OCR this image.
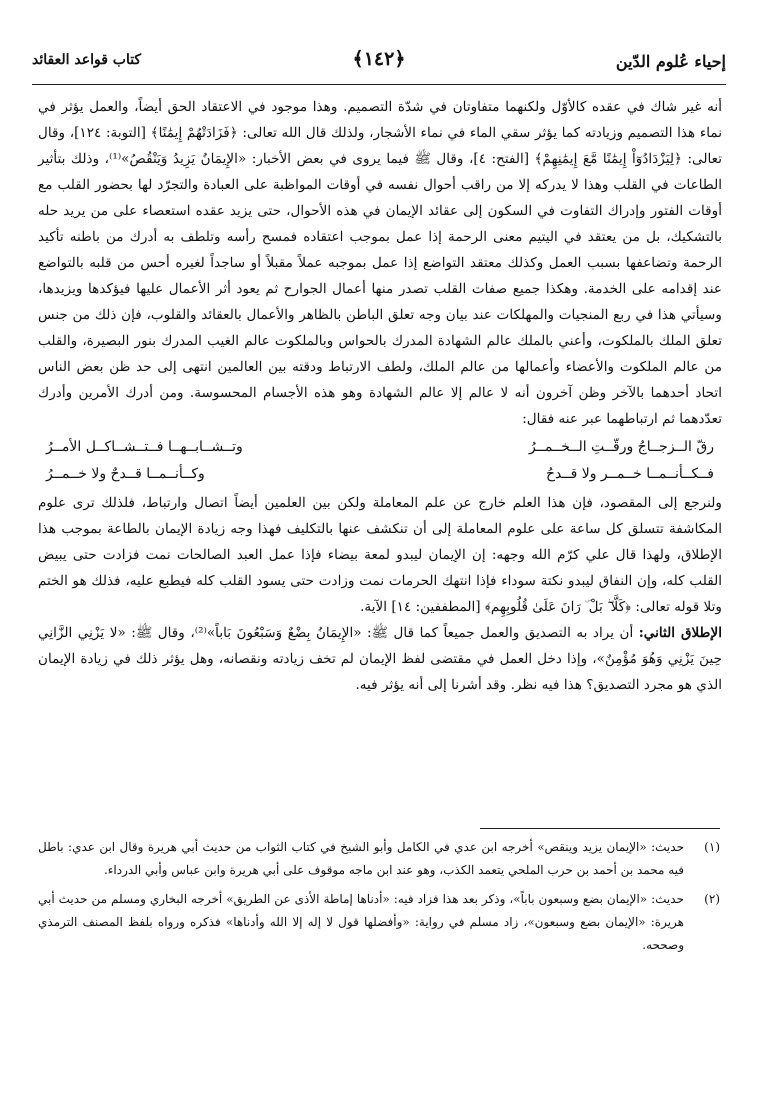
إحياء عُلوم الدّين
﴿١٤٢﴾
كتاب قواعد العقائد

أنه غير شاك في عقده كالأوّل ولكنهما متفاوتان في شدّة التصميم. وهذا موجود في الاعتقاد الحق أيضاً، والعمل يؤثر في نماء هذا التصميم وزيادته كما يؤثر سقي الماء في نماء الأشجار، ولذلك قال الله تعالى: ﴿فَزَادَتْهُمْ إِيمَٰنًا﴾ [التوبة: ١٢٤]، وقال تعالى: ﴿لِيَزْدَادُوٓاْ إِيمَٰنًا مَّعَ إِيمَٰنِهِمْ﴾ [الفتح: ٤]، وقال ﷺ فيما يروى في بعض الأخبار: «الإِيمَانُ يَزِيدُ وَيَنْقُصُ»⁽¹⁾، وذلك بتأثير الطاعات في القلب وهذا لا يدركه إلا من راقب أحوال نفسه في أوقات المواظبة على العبادة والتجرّد لها بحضور القلب مع أوقات الفتور وإدراك التفاوت في السكون إلى عقائد الإيمان في هذه الأحوال، حتى يزيد عقده استعصاء على من يريد حله بالتشكيك، بل من يعتقد في اليتيم معنى الرحمة إذا عمل بموجب اعتقاده فمسح رأسه وتلطف به أدرك من باطنه تأكيد الرحمة وتضاعفها بسبب العمل وكذلك معتقد التواضع إذا عمل بموجبه عملاً مقبلاً أو ساجداً لغيره أحس من قلبه بالتواضع عند إقدامه على الخدمة. وهكذا جميع صفات القلب تصدر منها أعمال الجوارح ثم يعود أثر الأعمال عليها فيؤكدها ويزيدها، وسيأتي هذا في ربع المنجيات والمهلكات عند بيان وجه تعلق الباطن بالظاهر والأعمال بالعقائد والقلوب، فإن ذلك من جنس تعلق الملك بالملكوت، وأعني بالملك عالم الشهادة المدرك بالحواس وبالملكوت عالم الغيب المدرك بنور البصيرة، والقلب من عالم الملكوت والأعضاء وأعمالها من عالم الملك، ولطف الارتباط ودقته بين العالمين انتهى إلى حد ظن بعض الناس اتحاد أحدهما بالآخر وظن آخرون أنه لا عالم إلا عالم الشهادة وهو هذه الأجسام المحسوسة. ومن أدرك الأمرين وأدرك تعدّدهما ثم ارتباطهما عبر عنه فقال:

رقّ الــزجــاجُ ورقّــتِ الــخــمــرُ
وتــشــابــهــا فــتــشــاكــل الأمــرُ
فــكــأنــمــا خــمــر ولا قــدحُ
وكــأنــمــا قــدحٌ ولا خــمــرُ

ولنرجع إلى المقصود، فإن هذا العلم خارج عن علم المعاملة ولكن بين العلمين أيضاً اتصال وارتباط، فلذلك ترى علوم المكاشفة تتسلق كل ساعة على علوم المعاملة إلى أن تنكشف عنها بالتكليف فهذا وجه زيادة الإيمان بالطاعة بموجب هذا الإطلاق، ولهذا قال علي كرّم الله وجهه: إن الإيمان ليبدو لمعة بيضاء فإذا عمل العبد الصالحات نمت فزادت حتى يبيض القلب كله، وإن النفاق ليبدو نكتة سوداء فإذا انتهك الحرمات نمت وزادت حتى يسود القلب كله فيطبع عليه، فذلك هو الختم وتلا قوله تعالى: ﴿كَلَّا ۖ بَلْ ۜ رَانَ عَلَىٰ قُلُوبِهِم﴾ [المطففين: ١٤] الآية.

الإطلاق الثاني: أن يراد به التصديق والعمل جميعاً كما قال ﷺ: «الإِيمَانُ بِضْعٌ وَسَبْعُونَ بَاباً»⁽²⁾، وقال ﷺ: «لا يَزْنِي الزَّانِي حِينَ يَزْنِي وَهُوَ مُؤْمِنٌ»، وإذا دخل العمل في مقتضى لفظ الإيمان لم تخف زيادته ونقصانه، وهل يؤثر ذلك في زيادة الإيمان الذي هو مجرد التصديق؟ هذا فيه نظر. وقد أشرنا إلى أنه يؤثر فيه.

(١)
حديث: «الإيمان يزيد وينقص» أخرجه ابن عدي في الكامل وأبو الشيخ في كتاب الثواب من حديث أبي هريرة وقال ابن عدي: باطل فيه محمد بن أحمد بن حرب الملحي يتعمد الكذب، وهو عند ابن ماجه موقوف على أبي هريرة وابن عباس وأبي الدرداء.
(٢)
حديث: «الإيمان بضع وسبعون باباً»، وذكر بعد هذا فزاد فيه: «أدناها إماطة الأذى عن الطريق» أخرجه البخاري ومسلم من حديث أبي هريرة: «الإيمان بضع وسبعون»، زاد مسلم في رواية: «وأفضلها قول لا إله إلا الله وأدناها» فذكره ورواه بلفظ المصنف الترمذي وصححه.
